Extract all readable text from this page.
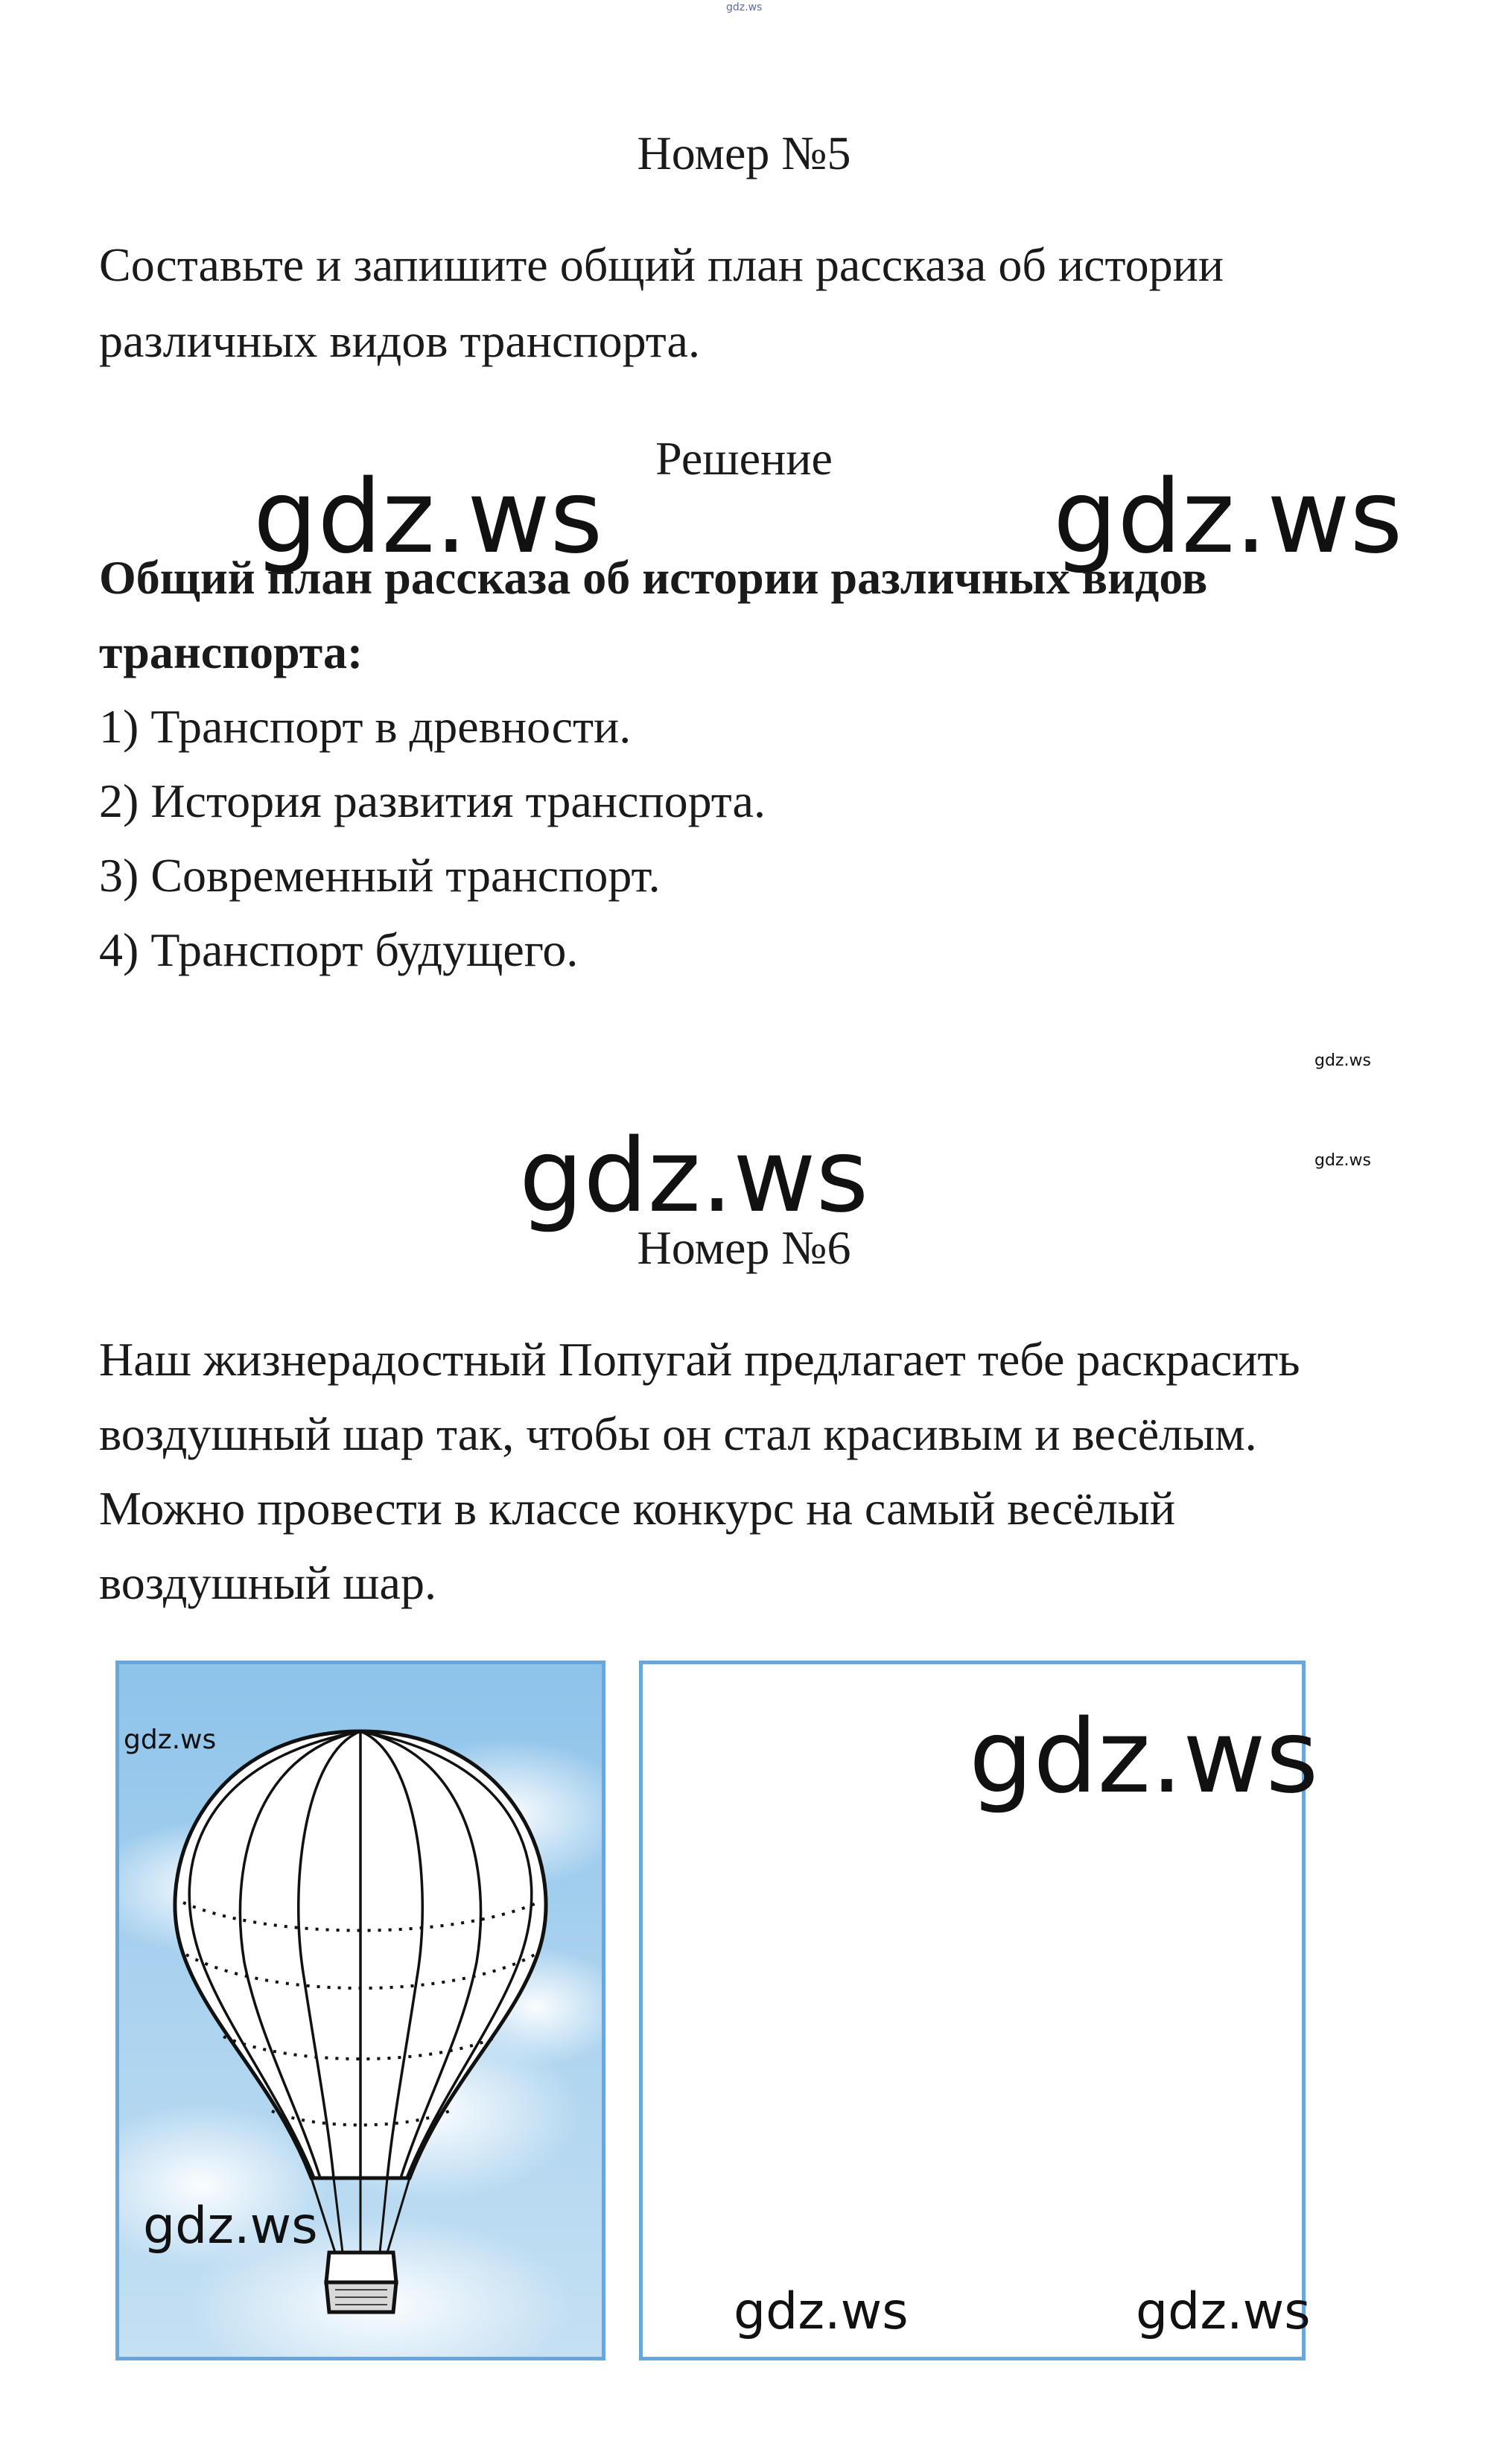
gdz.ws
Номер №5
Составьте и запишите общий план рассказа об истории
различных видов транспорта.
Решение
gdz.ws	gdz.ws
Общий план рассказа об истории различных видов
транспорта:
1) Транспорт в древности.
2) История развития транспорта.
3) Современный транспорт.
4) Транспорт будущего.
gdz.ws
gdz.ws
gdz.ws
Номер №6
Наш жизнерадостный Попугай предлагает тебе раскрасить
воздушный шар так, чтобы он стал красивым и весёлым.
Можно провести в классе конкурс на самый весёлый
воздушный шар.
gdz.ws
gdz.ws
gdz.ws
gdz.ws	gdz.ws
